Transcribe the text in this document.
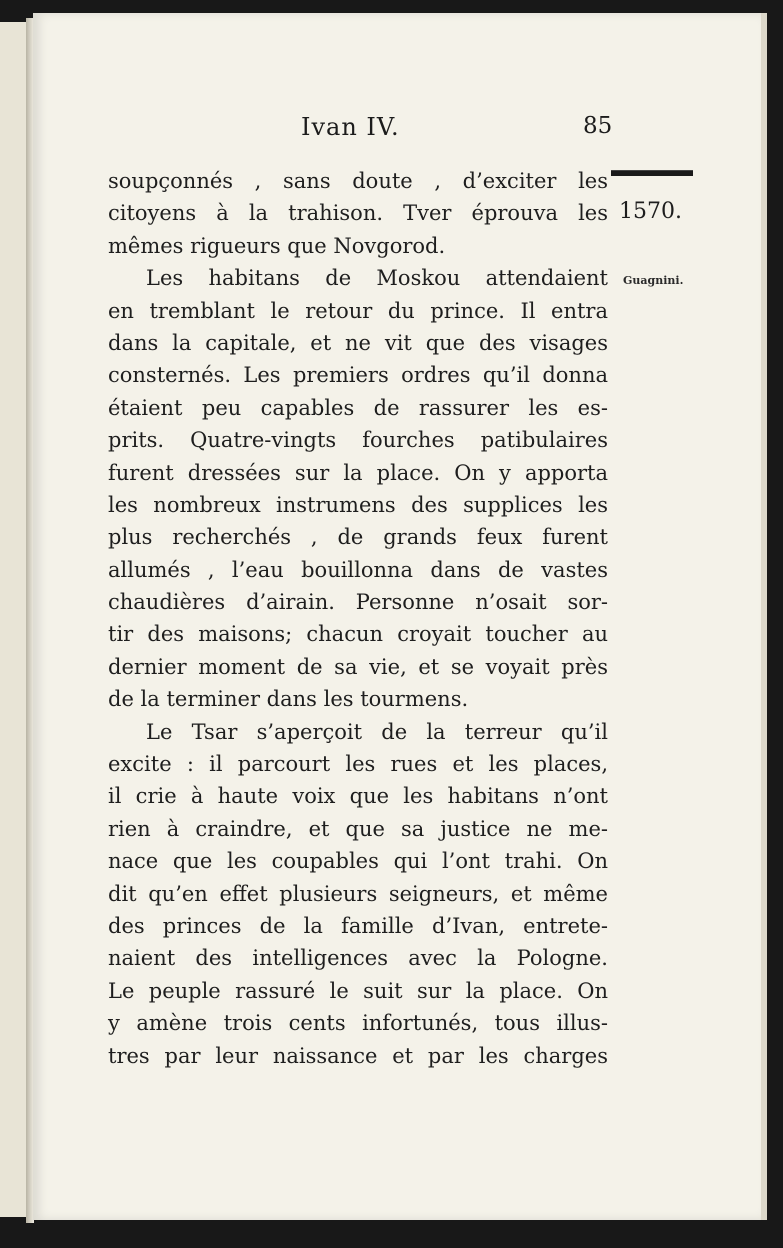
Ivan IV.	85
1570.
Guagnini.
soupçonnés , sans doute , d’exciter les
citoyens à la trahison. Tver éprouva les
mêmes rigueurs que Novgorod.
Les habitans de Moskou attendaient
en tremblant le retour du prince. Il entra
dans la capitale, et ne vit que des visages
consternés. Les premiers ordres qu’il donna
étaient peu capables de rassurer les es-
prits. Quatre-vingts fourches patibulaires
furent dressées sur la place. On y apporta
les nombreux instrumens des supplices les
plus recherchés , de grands feux furent
allumés , l’eau bouillonna dans de vastes
chaudières d’airain. Personne n’osait sor-
tir des maisons; chacun croyait toucher au
dernier moment de sa vie, et se voyait près
de la terminer dans les tourmens.
Le Tsar s’aperçoit de la terreur qu’il
excite : il parcourt les rues et les places,
il crie à haute voix que les habitans n’ont
rien à craindre, et que sa justice ne me-
nace que les coupables qui l’ont trahi. On
dit qu’en effet plusieurs seigneurs, et même
des princes de la famille d’Ivan, entrete-
naient des intelligences avec la Pologne.
Le peuple rassuré le suit sur la place. On
y amène trois cents infortunés, tous illus-
tres par leur naissance et par les charges
